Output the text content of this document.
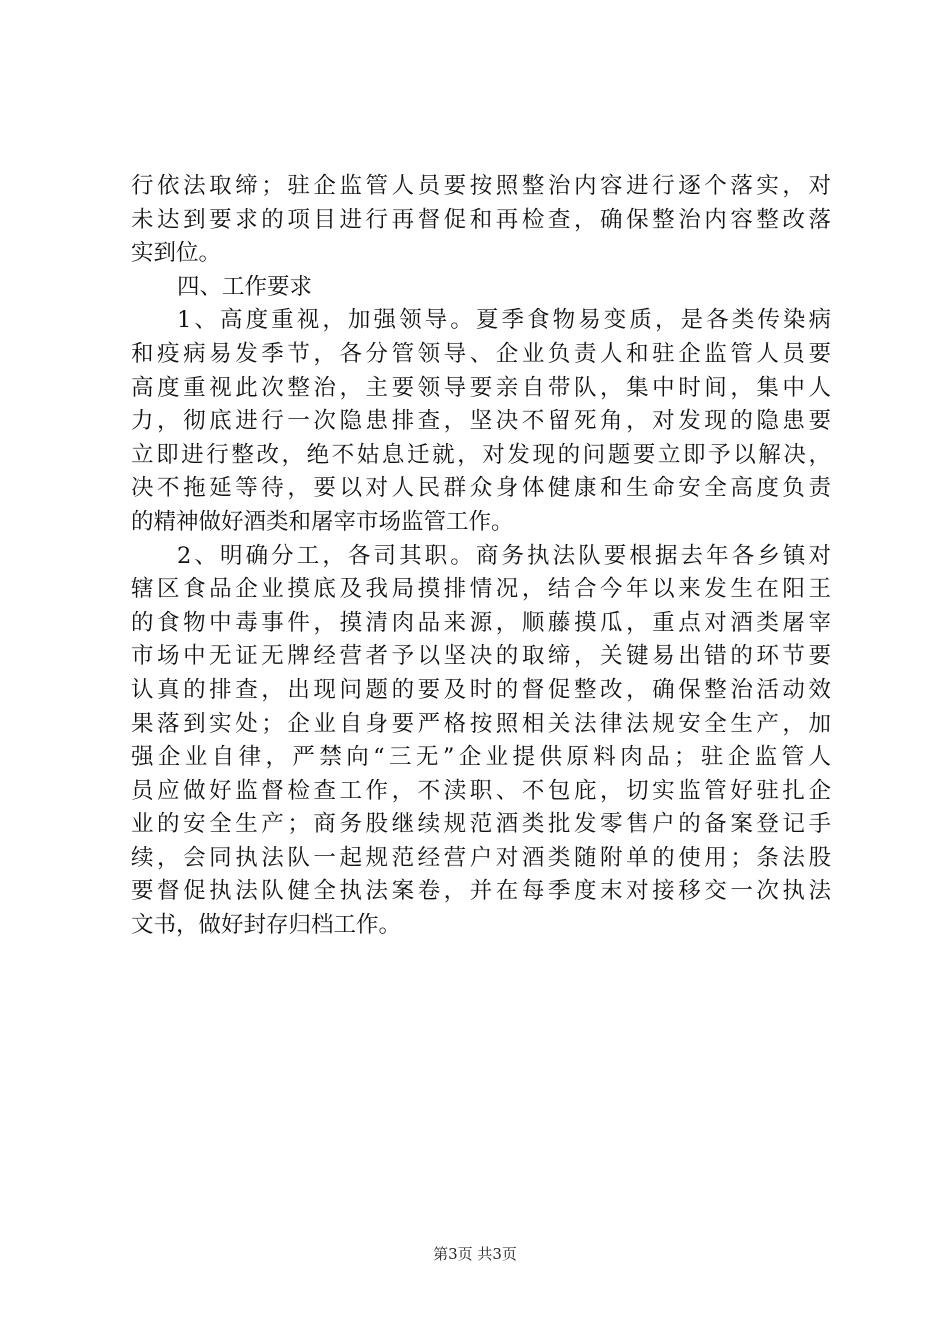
行依法取缔；驻企监管人员要按照整治内容进行逐个落实，对
未达到要求的项目进行再督促和再检查，确保整治内容整改落
实到位。
四、工作要求
1、高度重视，加强领导。夏季食物易变质，是各类传染病
和疫病易发季节，各分管领导、企业负责人和驻企监管人员要
高度重视此次整治，主要领导要亲自带队，集中时间，集中人
力，彻底进行一次隐患排查，坚决不留死角，对发现的隐患要
立即进行整改，绝不姑息迁就，对发现的问题要立即予以解决，
决不拖延等待，要以对人民群众身体健康和生命安全高度负责
的精神做好酒类和屠宰市场监管工作。
2、明确分工，各司其职。商务执法队要根据去年各乡镇对
辖区食品企业摸底及我局摸排情况，结合今年以来发生在阳王
的食物中毒事件，摸清肉品来源，顺藤摸瓜，重点对酒类屠宰
市场中无证无牌经营者予以坚决的取缔，关键易出错的环节要
认真的排查，出现问题的要及时的督促整改，确保整治活动效
果落到实处；企业自身要严格按照相关法律法规安全生产，加
强企业自律，严禁向“三无”企业提供原料肉品；驻企监管人
员应做好监督检查工作，不渎职、不包庇，切实监管好驻扎企
业的安全生产；商务股继续规范酒类批发零售户的备案登记手
续，会同执法队一起规范经营户对酒类随附单的使用；条法股
要督促执法队健全执法案卷，并在每季度末对接移交一次执法
文书，做好封存归档工作。
第3页 共3页
